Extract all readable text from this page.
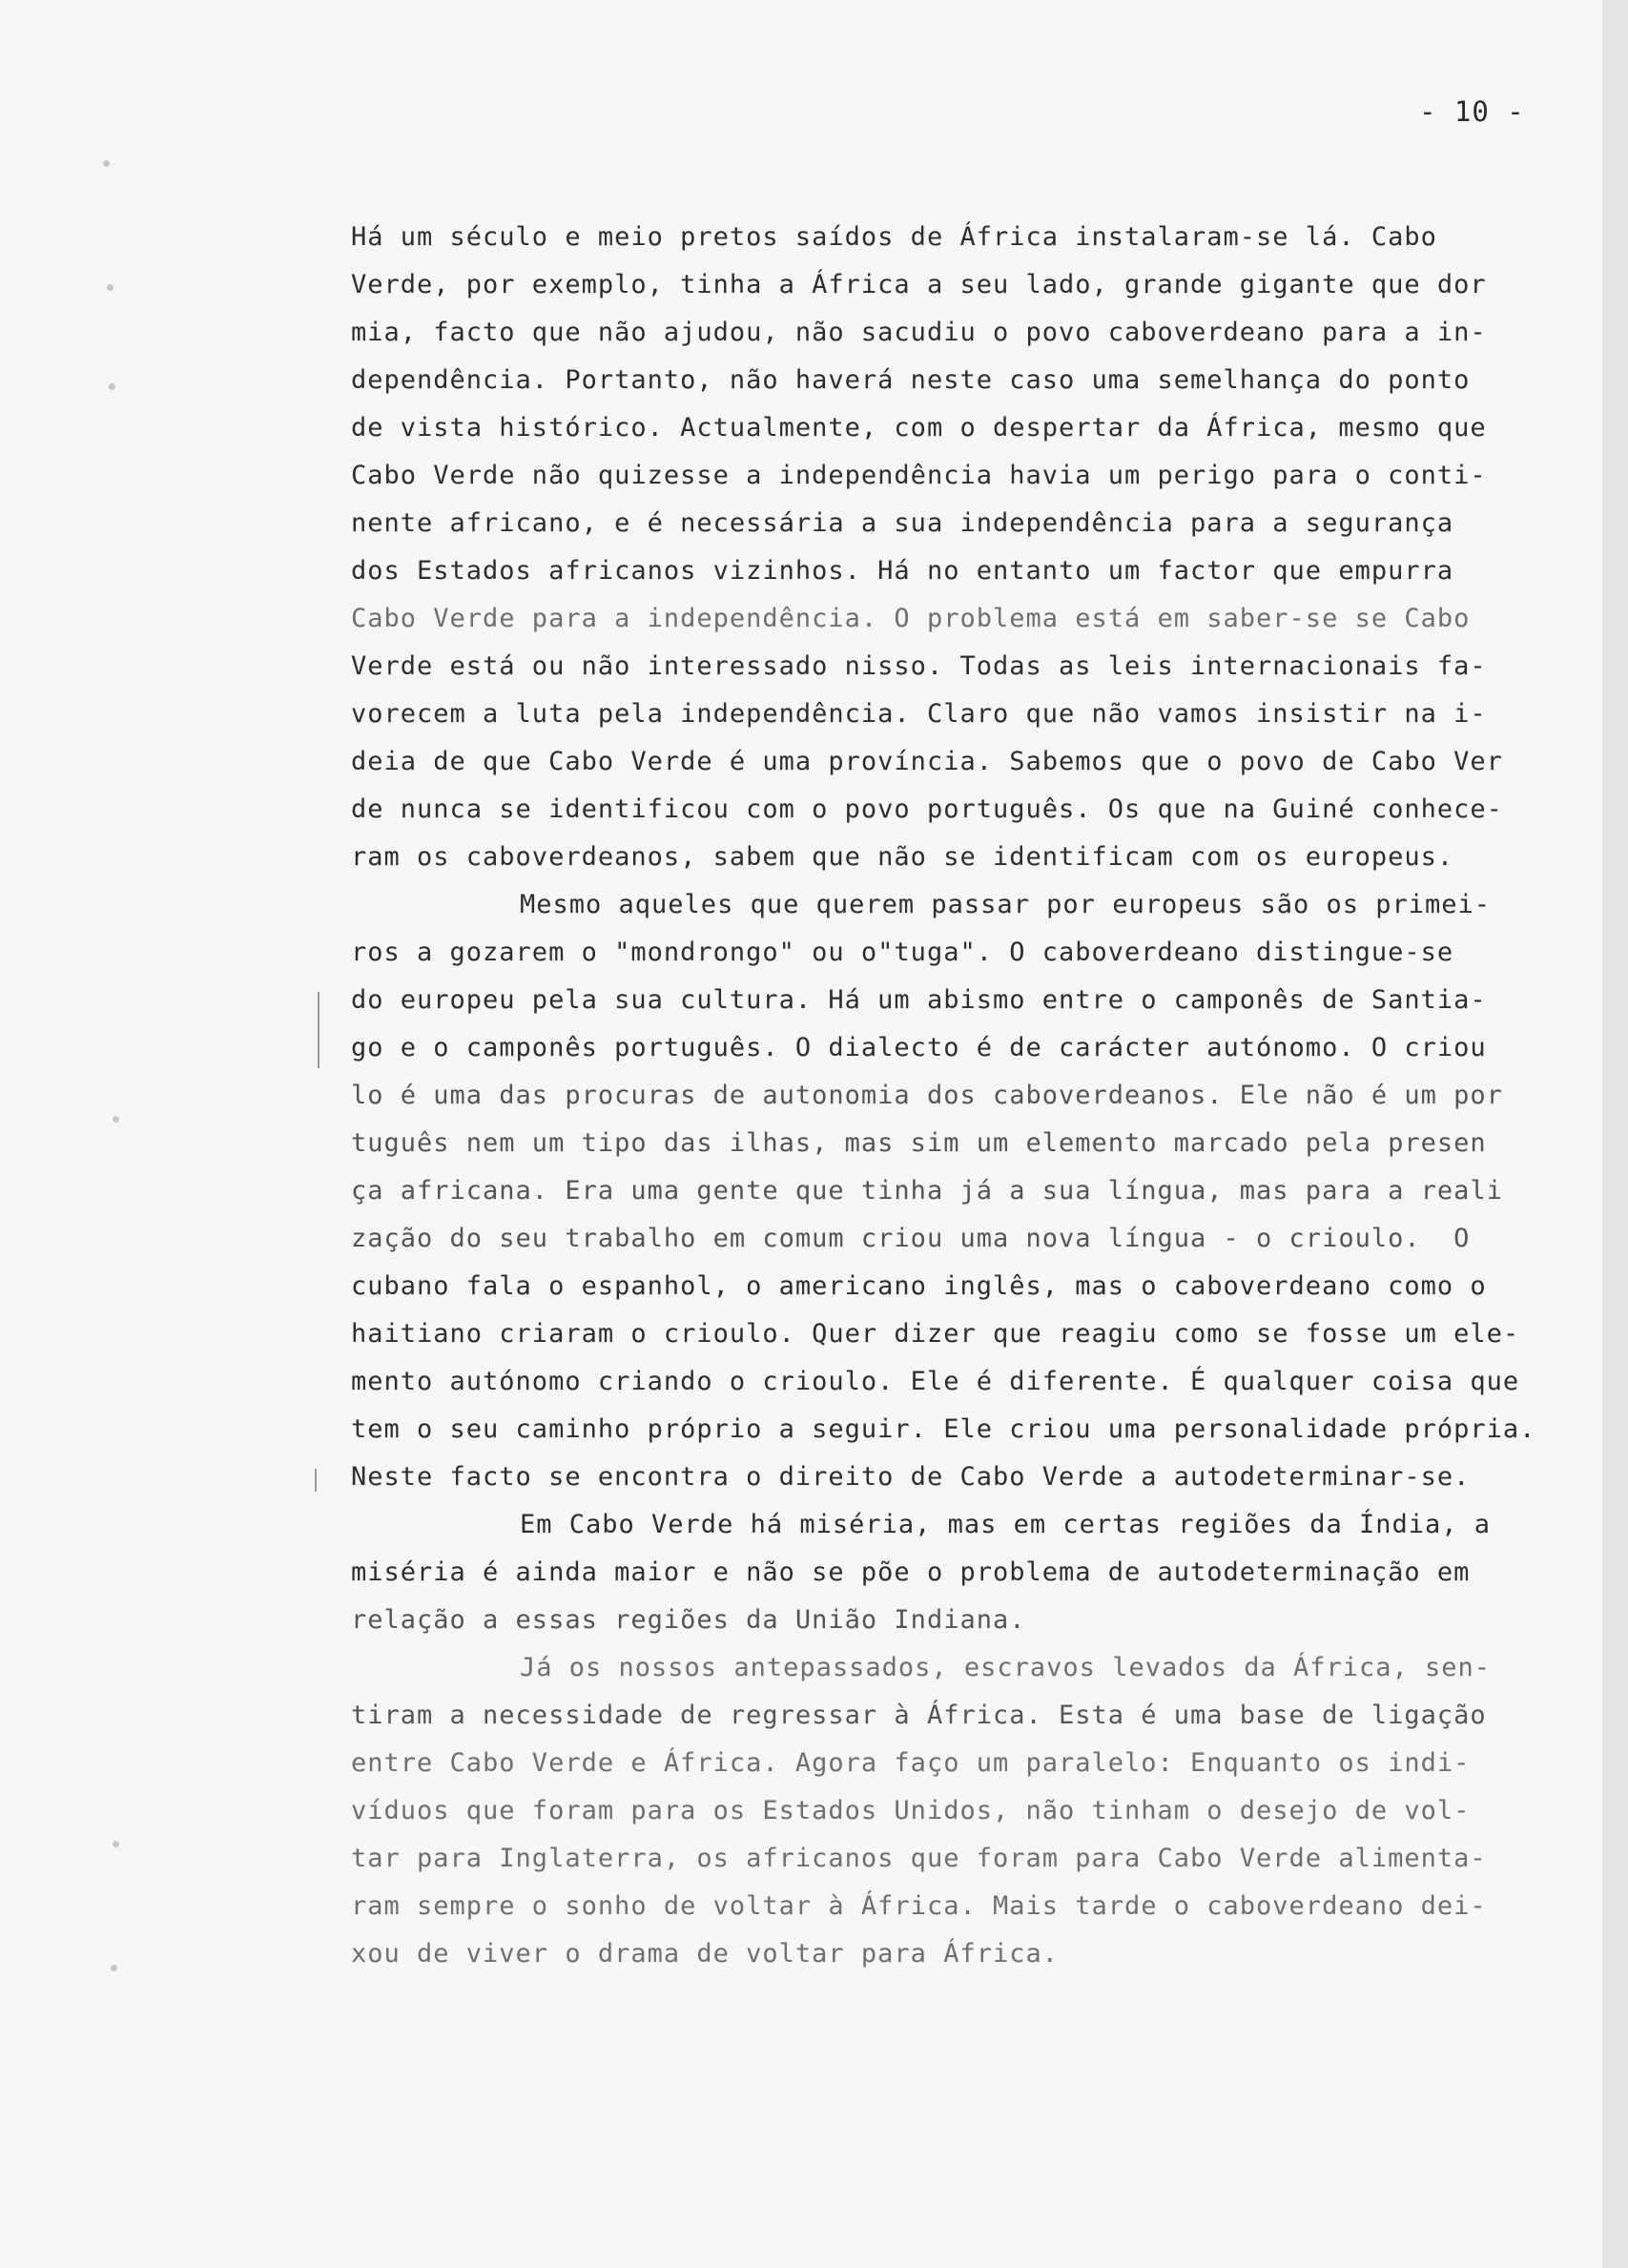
- 10 -
Há um século e meio pretos saídos de África instalaram-se lá. Cabo
Verde, por exemplo, tinha a África a seu lado, grande gigante que dor
mia, facto que não ajudou, não sacudiu o povo caboverdeano para a in-
dependência. Portanto, não haverá neste caso uma semelhança do ponto
de vista histórico. Actualmente, com o despertar da África, mesmo que
Cabo Verde não quizesse a independência havia um perigo para o conti-
nente africano, e é necessária a sua independência para a segurança
dos Estados africanos vizinhos. Há no entanto um factor que empurra
Cabo Verde para a independência. O problema está em saber-se se Cabo
Verde está ou não interessado nisso. Todas as leis internacionais fa-
vorecem a luta pela independência. Claro que não vamos insistir na i-
deia de que Cabo Verde é uma província. Sabemos que o povo de Cabo Ver
de nunca se identificou com o povo português. Os que na Guiné conhece-
ram os caboverdeanos, sabem que não se identificam com os europeus.
Mesmo aqueles que querem passar por europeus são os primei-
ros a gozarem o "mondrongo" ou o"tuga". O caboverdeano distingue-se
do europeu pela sua cultura. Há um abismo entre o camponês de Santia-
go e o camponês português. O dialecto é de carácter autónomo. O criou
lo é uma das procuras de autonomia dos caboverdeanos. Ele não é um por
tuguês nem um tipo das ilhas, mas sim um elemento marcado pela presen
ça africana. Era uma gente que tinha já a sua língua, mas para a reali
zação do seu trabalho em comum criou uma nova língua - o crioulo.  O
cubano fala o espanhol, o americano inglês, mas o caboverdeano como o
haitiano criaram o crioulo. Quer dizer que reagiu como se fosse um ele-
mento autónomo criando o crioulo. Ele é diferente. É qualquer coisa que
tem o seu caminho próprio a seguir. Ele criou uma personalidade própria.
Neste facto se encontra o direito de Cabo Verde a autodeterminar-se.
Em Cabo Verde há miséria, mas em certas regiões da Índia, a
miséria é ainda maior e não se põe o problema de autodeterminação em
relação a essas regiões da União Indiana.
Já os nossos antepassados, escravos levados da África, sen-
tiram a necessidade de regressar à África. Esta é uma base de ligação
entre Cabo Verde e África. Agora faço um paralelo: Enquanto os indi-
víduos que foram para os Estados Unidos, não tinham o desejo de vol-
tar para Inglaterra, os africanos que foram para Cabo Verde alimenta-
ram sempre o sonho de voltar à África. Mais tarde o caboverdeano dei-
xou de viver o drama de voltar para África.
